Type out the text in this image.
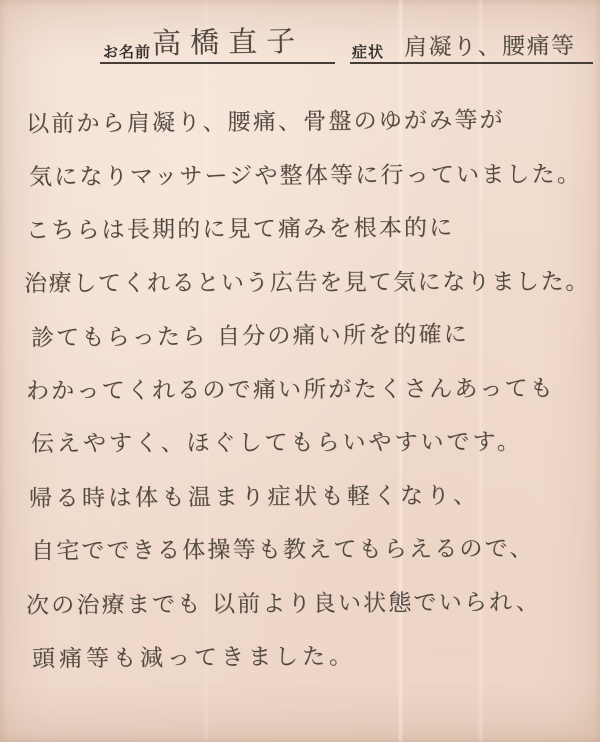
お名前 高橋直子	症状 肩凝り、腰痛等
以前から肩凝り、腰痛、骨盤のゆがみ等が
気になりマッサージや整体等に行っていました。
こちらは長期的に見て痛みを根本的に
治療してくれるという広告を見て気になりました。
診てもらったら 自分の痛い所を的確に
わかってくれるので痛い所がたくさんあっても
伝えやすく、ほぐしてもらいやすいです。
帰る時は体も温まり症状も軽くなり、
自宅でできる体操等も教えてもらえるので、
次の治療までも 以前より良い状態でいられ、
頭痛等も減ってきました。
